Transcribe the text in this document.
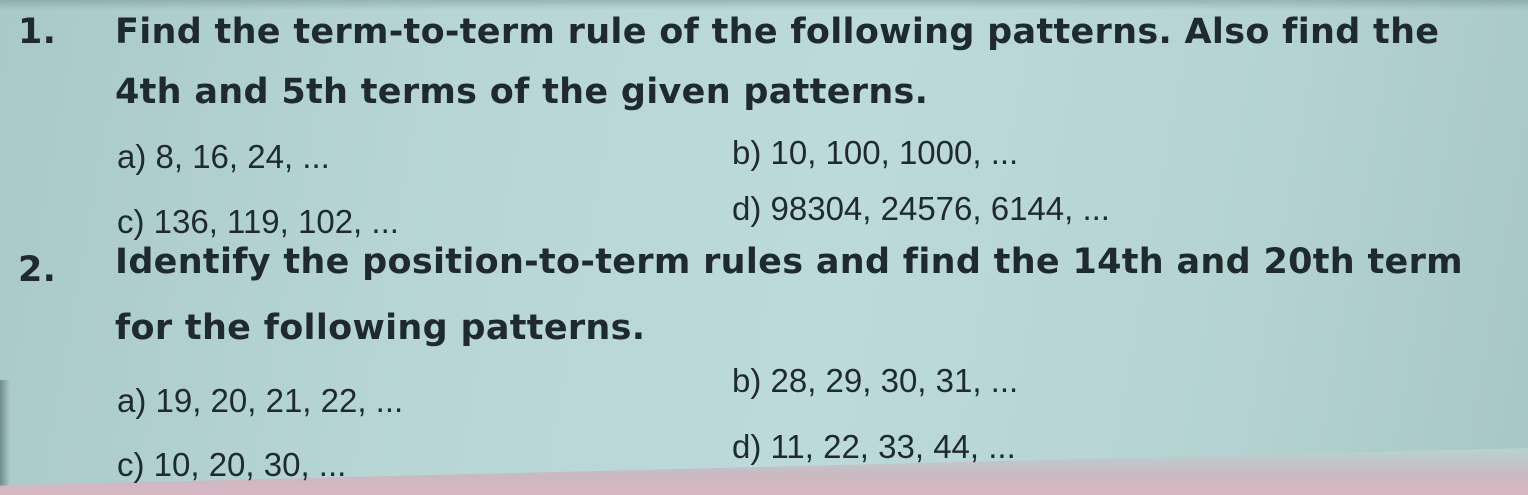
1. Find the term-to-term rule of the following patterns. Also find the
4th and 5th terms of the given patterns.
a) 8, 16, 24, ...	b) 10, 100, 1000, ...
c) 136, 119, 102, ...	d) 98304, 24576, 6144, ...
2. Identify the position-to-term rules and find the 14th and 20th term
for the following patterns.
a) 19, 20, 21, 22, ...
b) 28, 29, 30, 31, ...
c) 10, 20, 30, ...	d) 11, 22, 33, 44, ...
